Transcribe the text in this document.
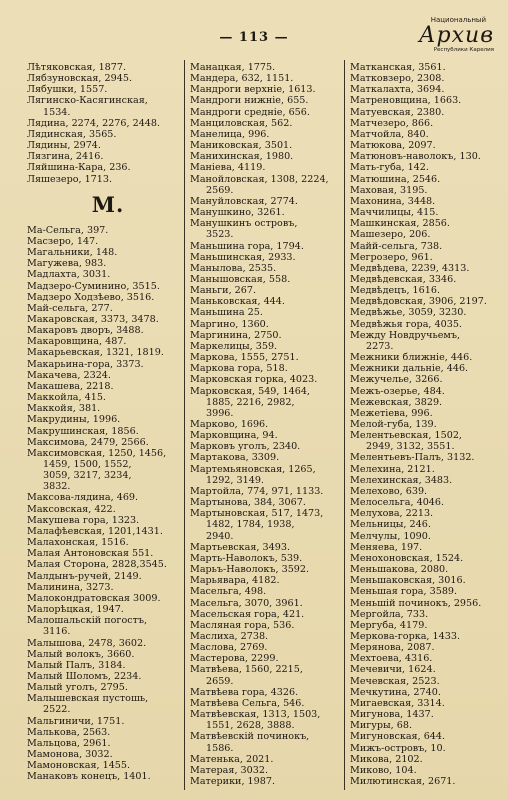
— 113 —
Национальный
Архив
Республики Карелия
Лѣтяковская, 1877.
Лябзуновская, 2945.
Лябушки, 1557.
Лягинско-Касягинская,
1534.
Лядина, 2274, 2276, 2448.
Лядинская, 3565.
Лядины, 2974.
Лязгина, 2416.
Ляйшина-Кара, 236.
Ляшезеро, 1713.
М.
Ма-Сельга, 397.
Масзеро, 147.
Магальники, 148.
Магужева, 983.
Мадлахта, 3031.
Мадзеро-Суминино, 3515.
Мадзеро Ходзѣево, 3516.
Май-сельга, 277.
Макаровская, 3373, 3478.
Макаровъ дворъ, 3488.
Макаровщина, 487.
Макарьевская, 1321, 1819.
Макарьина-гора, 3373.
Макачева, 2324.
Макашева, 2218.
Маккойла, 415.
Маккойя, 381.
Макрудины, 1996.
Макрушинская, 1856.
Максимова, 2479, 2566.
Максимовская, 1250, 1456,
1459, 1500, 1552,
3059, 3217, 3234,
3832.
Максова-лядина, 469.
Максовская, 422.
Макушева гора, 1323.
Малафѣевская, 1201,1431.
Малахонская, 1516.
Малая Антоновская 551.
Малая Сторона, 2828,3545.
Малдынъ-ручей, 2149.
Малинина, 3273.
Малокондратовская 3009.
Малорѣцкая, 1947.
Малошальскій погостъ,
3116.
Малышова, 2478, 3602.
Малый волокъ, 3660.
Малый Палъ, 3184.
Малый Шоломъ, 2234.
Малый уголъ, 2795.
Малышевская пустошь,
2522.
Мальгиничи, 1751.
Малькова, 2563.
Мальцова, 2961.
Мамонова, 3032.
Мамоновская, 1455.
Манаковъ конецъ, 1401.
Манацкая, 1775.
Мандера, 632, 1151.
Мандроги верхніе, 1613.
Мандроги нижніе, 655.
Мандроги средніе, 656.
Манциловская, 562.
Манелица, 996.
Маниковская, 3501.
Манихинская, 1980.
Маніева, 4119.
Манойловская, 1308, 2224,
2569.
Мануйловская, 2774.
Манушкино, 3261.
Манушкинъ островъ,
3523.
Маньшина гора, 1794.
Маньшинская, 2933.
Манылова, 2535.
Манышовская, 558.
Маньги, 267.
Маньковская, 444.
Маньшина 25.
Маргино, 1360.
Маргинина, 2750.
Маркелицы, 359.
Маркова, 1555, 2751.
Маркова гора, 518.
Марковская горка, 4023.
Марковская, 549, 1464,
1885, 2216, 2982,
3996.
Марково, 1696.
Марковщина, 94.
Марковъ уголъ, 2340.
Мартакова, 3309.
Мартемьяновская, 1265,
1292, 3149.
Мартойла, 774, 971, 1133.
Мартынова, 384, 3067.
Мартыновская, 517, 1473,
1482, 1784, 1938,
2940.
Мартьевская, 3493.
Марть-Наволокъ, 539.
Марьъ-Наволокъ, 3592.
Марьявара, 4182.
Масельга, 498.
Масельга, 3070, 3961.
Масельская гора, 421.
Масляная гора, 536.
Маслиха, 2738.
Маслова, 2769.
Мастерова, 2299.
Матвѣева, 1560, 2215,
2659.
Матвѣева гора, 4326.
Матвѣева Сельга, 546.
Матвѣевская, 1313, 1503,
1551, 2628, 3888.
Матвѣевскій починокъ,
1586.
Матенька, 2021.
Матерая, 3032.
Материки, 1987.
Матканская, 3561.
Матковзеро, 2308.
Маткалахта, 3694.
Матреновщина, 1663.
Матуевская, 2380.
Матчезеро, 866.
Матчойла, 840.
Матюкова, 2097.
Матюновъ-наволокъ, 130.
Мать-губа, 142.
Матюшина, 2546.
Маховая, 3195.
Махонина, 3448.
Маччилицы, 415.
Машкинская, 2856.
Машезеро, 206.
Майй-сельга, 738.
Мегрозеро, 961.
Медвѣдева, 2239, 4313.
Медвѣдевская, 3346.
Медвѣдецъ, 1616.
Медвѣдовская, 3906, 2197.
Медвѣжье, 3059, 3230.
Медвѣжья гора, 4035.
Между Новдручьемъ,
2273.
Межники ближніе, 446.
Межники дальніе, 446.
Межучелье, 3266.
Межъ-озерье, 484.
Межевская, 3829.
Межетіева, 996.
Мелой-губа, 139.
Мелентьевская, 1502,
2949, 3132, 3551.
Мелентьевъ-Палъ, 3132.
Мелехина, 2121.
Мелехинская, 3483.
Мелехово, 639.
Мелосельга, 4046.
Мелухова, 2213.
Мельницы, 246.
Мелчулы, 1090.
Меняева, 197.
Менохоновская, 1524.
Меньшакова, 2080.
Меньшаковская, 3016.
Меньшая гора, 3589.
Меньшій починокъ, 2956.
Мергойла, 733.
Мергуба, 4179.
Меркова-горка, 1433.
Мерянова, 2087.
Мехтоева, 4316.
Мечевичи, 1624.
Мечевская, 2523.
Мечкутина, 2740.
Мигаевская, 3314.
Мигунова, 1437.
Мигуры, 68.
Мигуновская, 644.
Мижъ-островъ, 10.
Микова, 2102.
Миково, 104.
Милютинская, 2671.
